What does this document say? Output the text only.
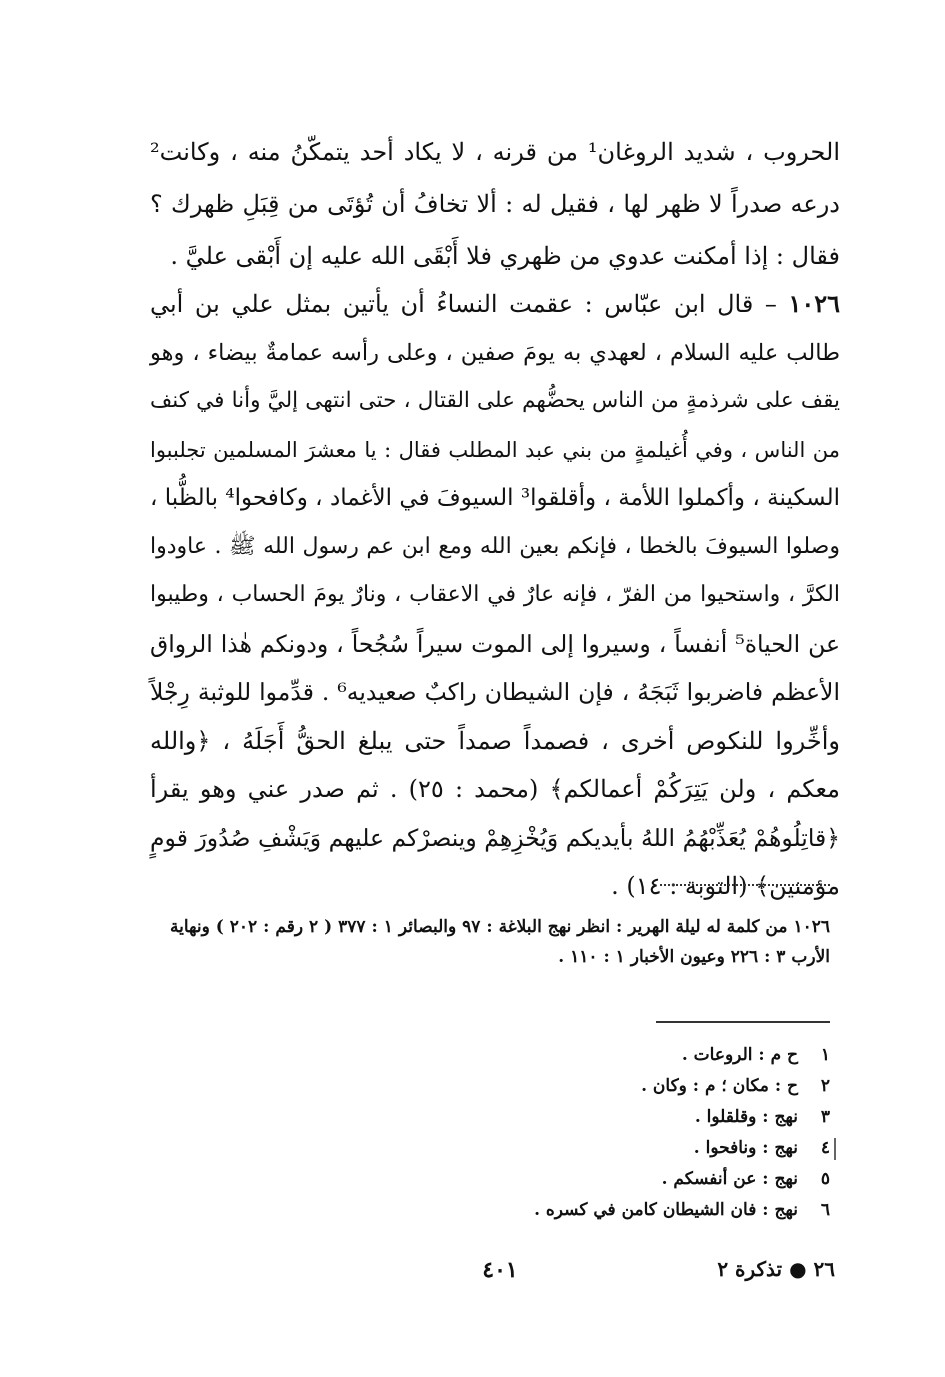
الحروب ، شديد الروغان¹ من قرنه ، لا يكاد أحد يتمكّنُ منه ، وكانت²
درعه صدراً لا ظهر لها ، فقيل له : ألا تخافُ أن تُؤتَى من قِبَلِ ظهرك ؟
فقال : إذا أمكنت عدوي من ظهري فلا أَبْقَى الله عليه إن أَبْقى عليَّ .
١٠٢٦ – قال ابن عبّاس : عقمت النساءُ أن يأتين بمثل علي بن أبي
طالب عليه السلام ، لعهدي به يومَ صفين ، وعلى رأسه عمامةٌ بيضاء ، وهو
يقف على شرذمةٍ من الناس يحضُّهم على القتال ، حتى انتهى إليَّ وأنا في كنف
من الناس ، وفي أُغيلمةٍ من بني عبد المطلب فقال : يا معشرَ المسلمين تجلببوا
السكينة ، وأكملوا اللأمة ، وأقلقوا³ السيوفَ في الأغماد ، وكافحوا⁴ بالظُّبا ،
وصلوا السيوفَ بالخطا ، فإنكم بعين الله ومع ابن عم رسول الله ﷺ . عاودوا
الكرَّ ، واستحيوا من الفرّ ، فإنه عارٌ في الاعقاب ، ونارٌ يومَ الحساب ، وطيبوا
عن الحياة⁵ أنفساً ، وسيروا إلى الموت سيراً سُجُحاً ، ودونكم هٰذا الرواق
الأعظم فاضربوا ثَبَجَهُ ، فإن الشيطان راكبٌ صعيديه⁶ . قدِّموا للوثبة رِجْلاً
وأخِّروا للنكوص أخرى ، فصمداً صمداً حتى يبلغ الحقُّ أَجَلَهُ ، ﴿والله
معكم ، ولن يَتِرَكُمْ أعمالكم﴾ (محمد : ٢٥) . ثم صدر عني وهو يقرأ
﴿قاتِلُوهُمْ يُعَذِّبْهُمُ اللهُ بأيديكم وَيُخْزِهِمْ وينصرْكم عليهم وَيَشْفِ صُدُورَ قومٍ
مؤمنين﴾ (التوبة : ١٤) .
١٠٢٦ من كلمة له ليلة الهرير : انظر نهج البلاغة : ٩٧ والبصائر ١ : ٣٧٧ ( ٢ رقم : ٢٠٢ ) ونهاية
الأرب ٣ : ٢٢٦ وعيون الأخبار ١ : ١١٠ .
١
ح م : الروعات .
٢
ح : مكان ؛ م : وكان .
٣
نهج : وقلقلوا .
٤
نهج : ونافحوا .
٥
نهج : عن أنفسكم .
٦
نهج : فان الشيطان كامن في كسره .
٤٠١	٢٦ ● تذكرة ٢
